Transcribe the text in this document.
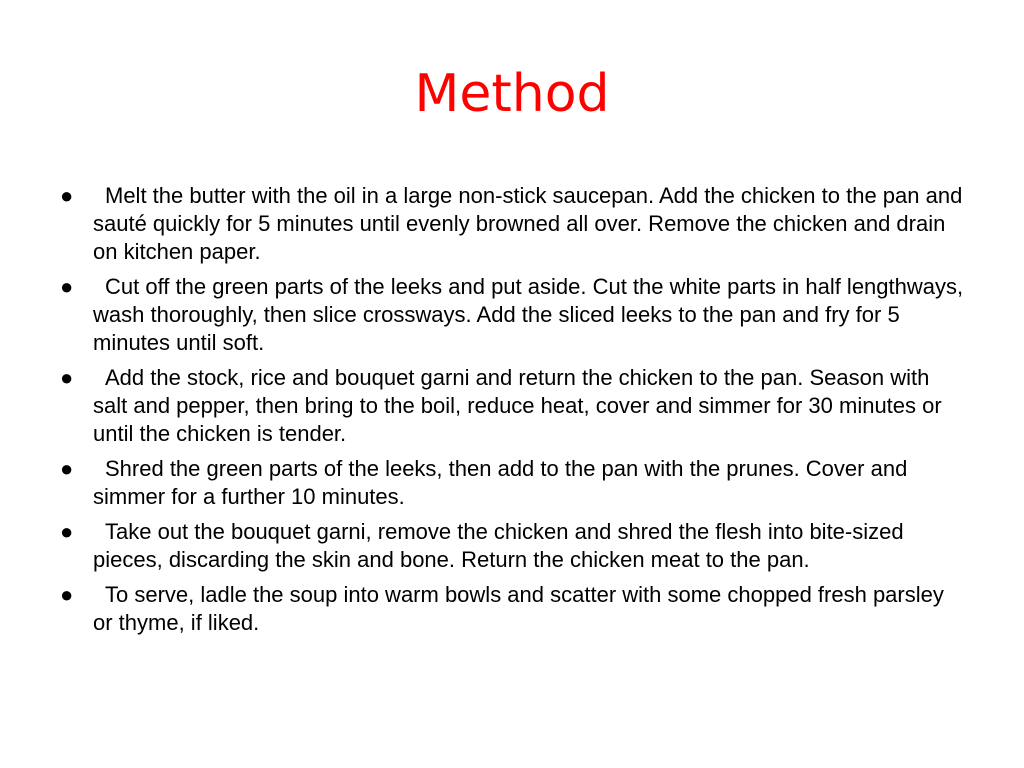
Method
●	Melt the butter with the oil in a large non-stick saucepan. Add the chicken to the pan and sauté quickly for 5 minutes until evenly browned all over. Remove the chicken and drain on kitchen paper.
●	Cut off the green parts of the leeks and put aside. Cut the white parts in half lengthways, wash thoroughly, then slice crossways. Add the sliced leeks to the pan and fry for 5 minutes until soft.
●	Add the stock, rice and bouquet garni and return the chicken to the pan. Season with salt and pepper, then bring to the boil, reduce heat, cover and simmer for 30 minutes or until the chicken is tender.
●	Shred the green parts of the leeks, then add to the pan with the prunes. Cover and simmer for a further 10 minutes.
●	Take out the bouquet garni, remove the chicken and shred the flesh into bite-sized pieces, discarding the skin and bone. Return the chicken meat to the pan.
●	To serve, ladle the soup into warm bowls and scatter with some chopped fresh parsley or thyme, if liked.
